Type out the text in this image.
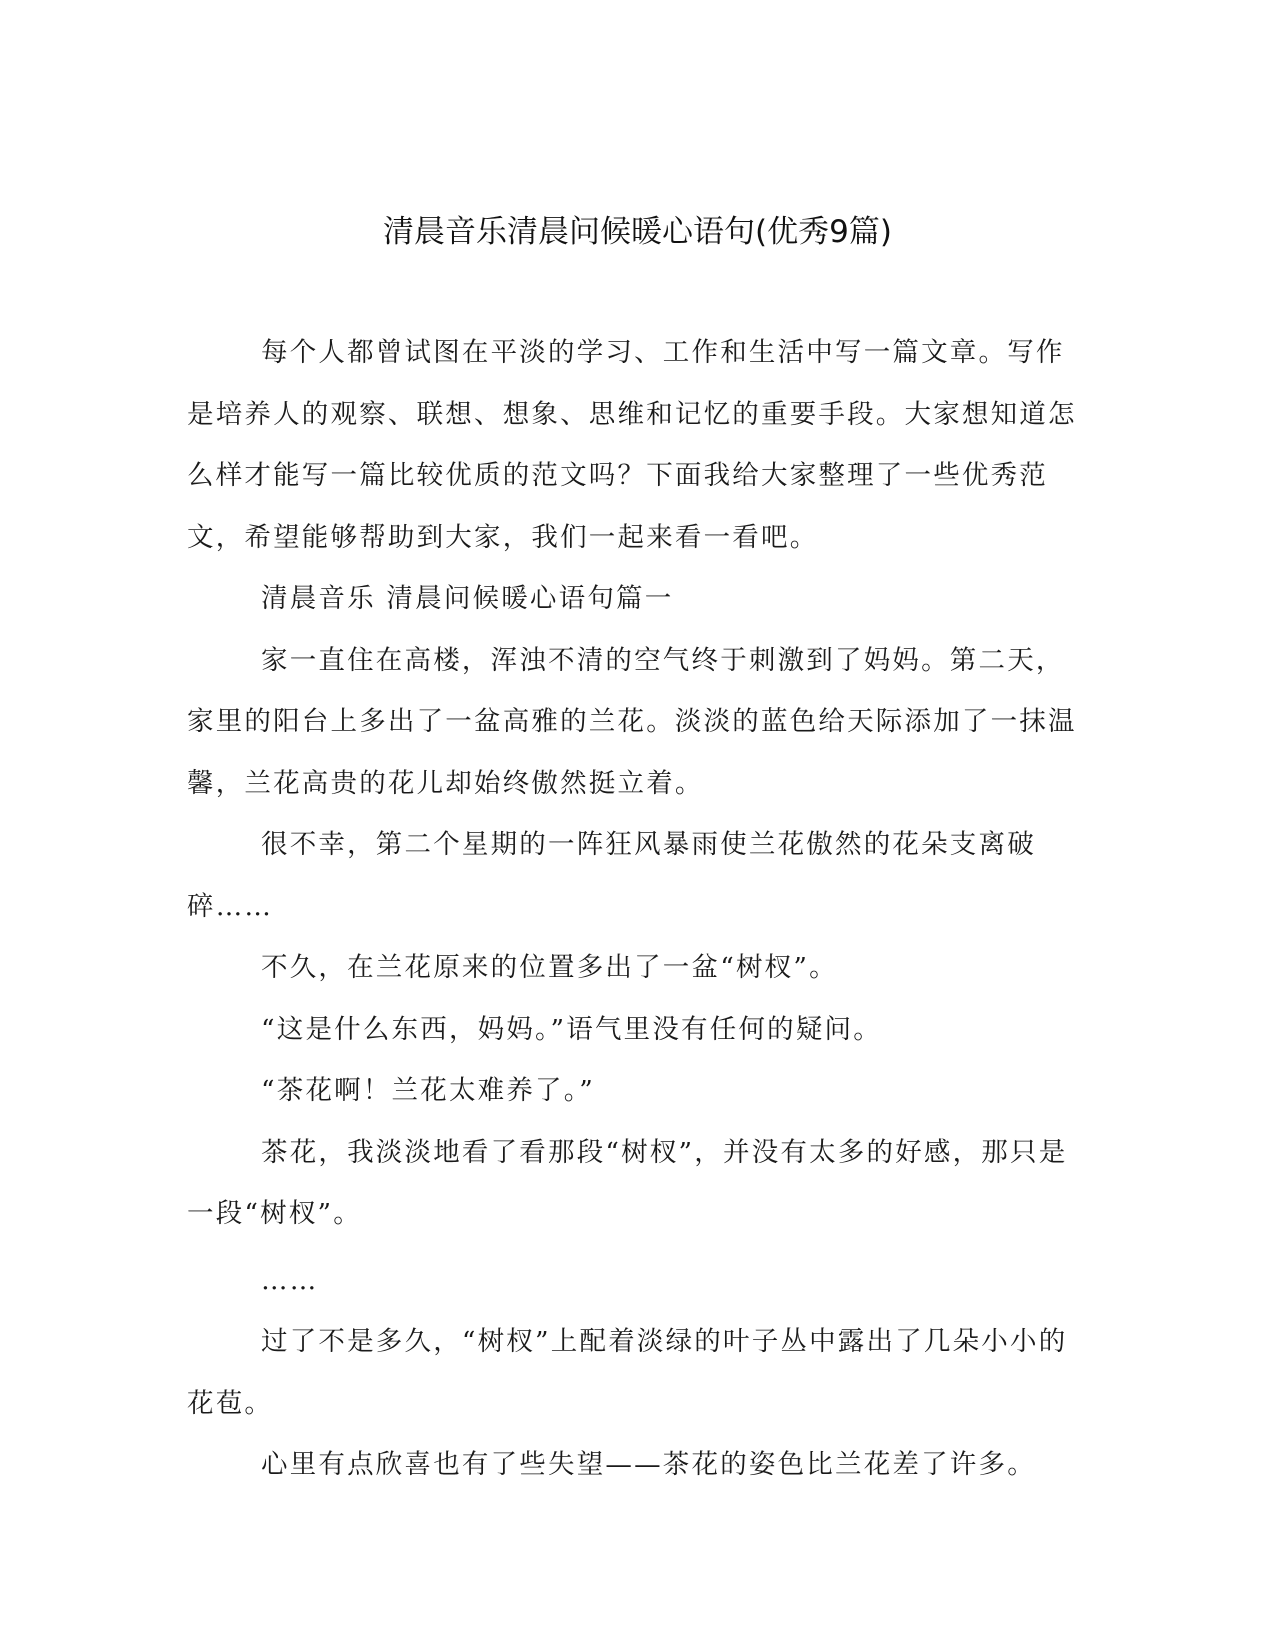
清晨音乐清晨问候暖心语句(优秀9篇)

每个人都曾试图在平淡的学习、工作和生活中写一篇文章。写作是培养人的观察、联想、想象、思维和记忆的重要手段。大家想知道怎么样才能写一篇比较优质的范文吗？下面我给大家整理了一些优秀范文，希望能够帮助到大家，我们一起来看一看吧。

清晨音乐 清晨问候暖心语句篇一

家一直住在高楼，浑浊不清的空气终于刺激到了妈妈。第二天，家里的阳台上多出了一盆高雅的兰花。淡淡的蓝色给天际添加了一抹温馨，兰花高贵的花儿却始终傲然挺立着。

很不幸，第二个星期的一阵狂风暴雨使兰花傲然的花朵支离破碎……

不久，在兰花原来的位置多出了一盆“树杈”。

“这是什么东西，妈妈。”语气里没有任何的疑问。

“茶花啊！兰花太难养了。”

茶花，我淡淡地看了看那段“树杈”，并没有太多的好感，那只是一段“树杈”。

……

过了不是多久，“树杈”上配着淡绿的叶子丛中露出了几朵小小的花苞。

心里有点欣喜也有了些失望——茶花的姿色比兰花差了许多。
